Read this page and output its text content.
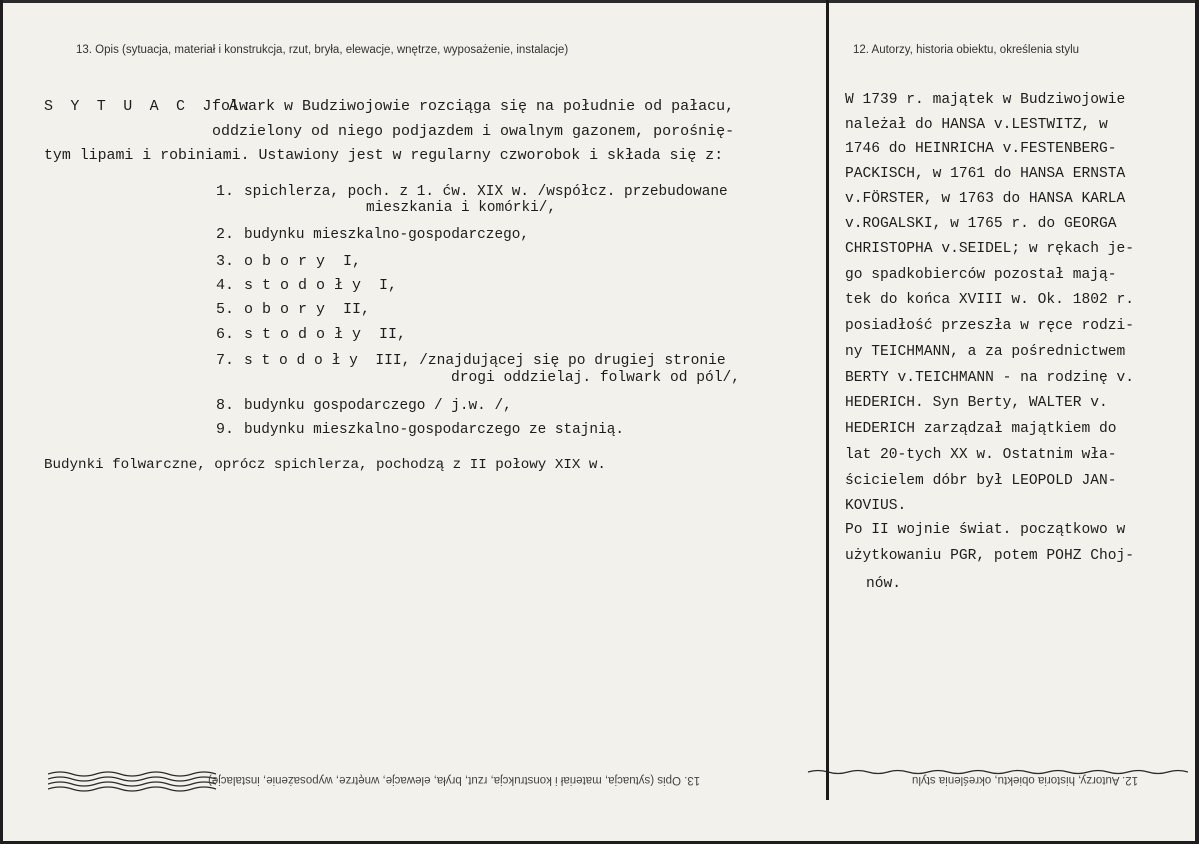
13. Opis (sytuacja, materiał i konstrukcja, rzut, bryła, elewacje, wnętrze, wyposażenie, instalacje)	12. Autorzy, historia obiektu, określenia stylu
S Y T U A C J A:
folwark w Budziwojowie rozciąga się na południe od pałacu,
oddzielony od niego podjazdem i owalnym gazonem, porośnię-
tym lipami i robiniami. Ustawiony jest w regularny czworobok i składa się z:
1. spichlerza, poch. z 1. ćw. XIX w. /współcz. przebudowane
mieszkania i komórki/,
2. budynku mieszkalno-gospodarczego,
3. o b o r y  I,
4. s t o d o ł y  I,
5. o b o r y  II,
6. s t o d o ł y  II,
7. s t o d o ł y  III, /znajdującej się po drugiej stronie
drogi oddzielaj. folwark od pól/,
8. budynku gospodarczego / j.w. /,
9. budynku mieszkalno-gospodarczego ze stajnią.
Budynki folwarczne, oprócz spichlerza, pochodzą z II połowy XIX w.
W 1739 r. majątek w Budziwojowie
należał do HANSA v.LESTWITZ, w
1746 do HEINRICHA v.FESTENBERG-
PACKISCH, w 1761 do HANSA ERNSTA
v.FÖRSTER, w 1763 do HANSA KARLA
v.ROGALSKI, w 1765 r. do GEORGA
CHRISTOPHA v.SEIDEL; w rękach je-
go spadkobierców pozostał mają-
tek do końca XVIII w. Ok. 1802 r.
posiadłość przeszła w ręce rodzi-
ny TEICHMANN, a za pośrednictwem
BERTY v.TEICHMANN - na rodzinę v.
HEDERICH. Syn Berty, WALTER v.
HEDERICH zarządzał majątkiem do
lat 20-tych XX w. Ostatnim wła-
ścicielem dóbr był LEOPOLD JAN-
KOVIUS.
Po II wojnie świat. początkowo w
użytkowaniu PGR, potem POHZ Choj-
nów.
13. Opis (sytuacja, materiał i konstrukcja, rzut, bryła, elewacje, wnętrze, wyposażenie, instalacje)	12. Autorzy, historia obiektu, określenia stylu
